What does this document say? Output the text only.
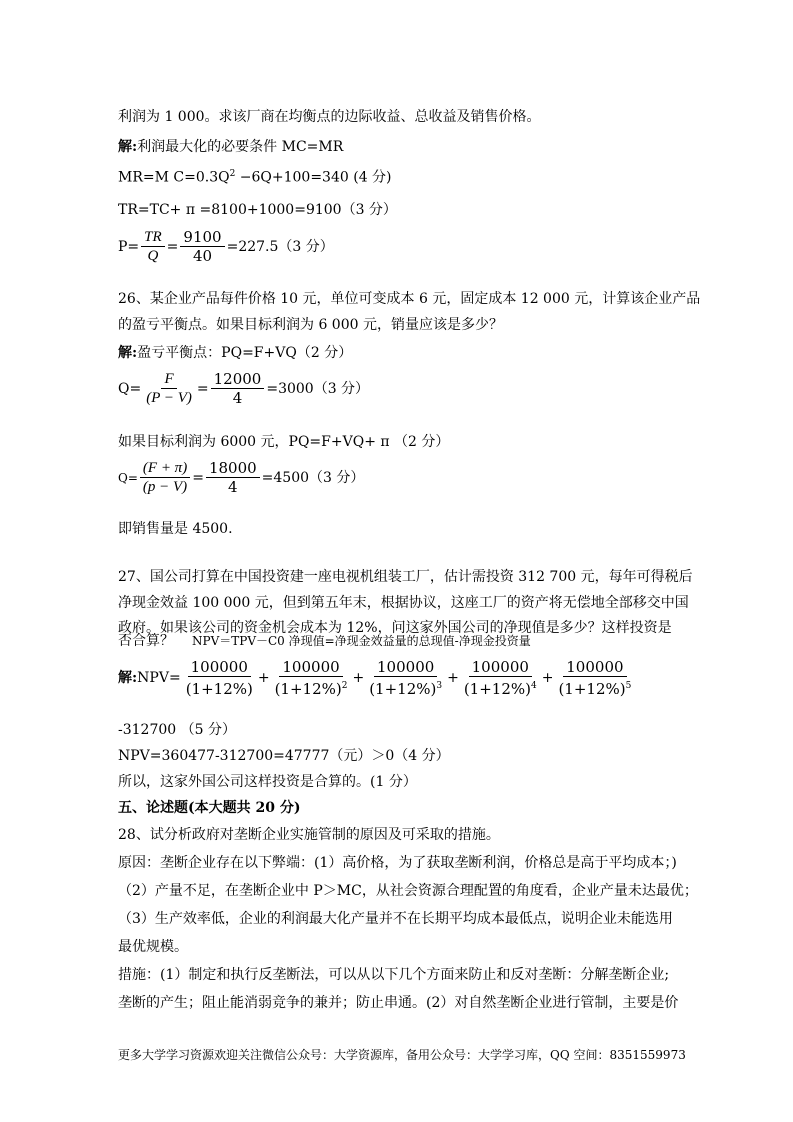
利润为 1 000。求该厂商在均衡点的边际收益、总收益及销售价格。
解:利润最大化的必要条件 MC=MR
MR=M $C=0.3Q^2 -6Q+100=340$ (4 分)
TR=TC+ π =8100+1000=9100（3 分）
$P= \frac{TR}{Q} = \frac{9100}{40} =227.5(3$ 分）
26、某企业产品每件价格 10 元，单位可变成本 6 元，固定成本 12 000 元，计算该企业产品
的盈亏平衡点。如果目标利润为 6 000 元，销量应该是多少？
解:盈亏平衡点：PQ=F+VQ（2 分）
$Q= \frac{F}{(P - V)} = \frac{12000}{4} =3000(3$ 分）
如果目标利润为 6000 元，PQ=F+VQ+ π （2 分）
$Q= \frac{(F + \pi)}{(p - V)} = \frac{18000}{4} =4500(3$ 分）
即销售量是 4500.
27、国公司打算在中国投资建一座电视机组装工厂，估计需投资 312 700 元，每年可得税后
净现金效益 100 000 元，但到第五年末，根据协议，这座工厂的资产将无偿地全部移交中国
政府。如果该公司的资金机会成本为 12%，问这家外国公司的净现值是多少？这样投资是
否合算？ NPV＝TPV－C0 净现值=净现金效益量的总现值-净现金投资量
解: $NPV= \frac{100000}{(1+12\%)} + \frac{100000}{(1+12\%)^2} + \frac{100000}{(1+12\%)^3} + \frac{100000}{(1+12\%)^4} + \frac{100000}{(1+12\%)^5}$
-312700 （5 分）
NPV=360477-312700=47777（元）＞0（4 分）
所以，这家外国公司这样投资是合算的。(1 分）
五、论述题(本大题共 20 分)
28、试分析政府对垄断企业实施管制的原因及可采取的措施。
原因：垄断企业存在以下弊端：(1）高价格，为了获取垄断利润，价格总是高于平均成本；)
（2）产量不足，在垄断企业中 P＞MC，从社会资源合理配置的角度看，企业产量未达最优；
（3）生产效率低，企业的利润最大化产量并不在长期平均成本最低点，说明企业未能选用
最优规模。
措施：(1）制定和执行反垄断法，可以从以下几个方面来防止和反对垄断：分解垄断企业;
垄断的产生；阻止能消弱竞争的兼并；防止串通。(2）对自然垄断企业进行管制，主要是价
更多大学学习资源欢迎关注微信公众号：大学资源库，备用公众号：大学学习库，QQ 空间：8351559973
